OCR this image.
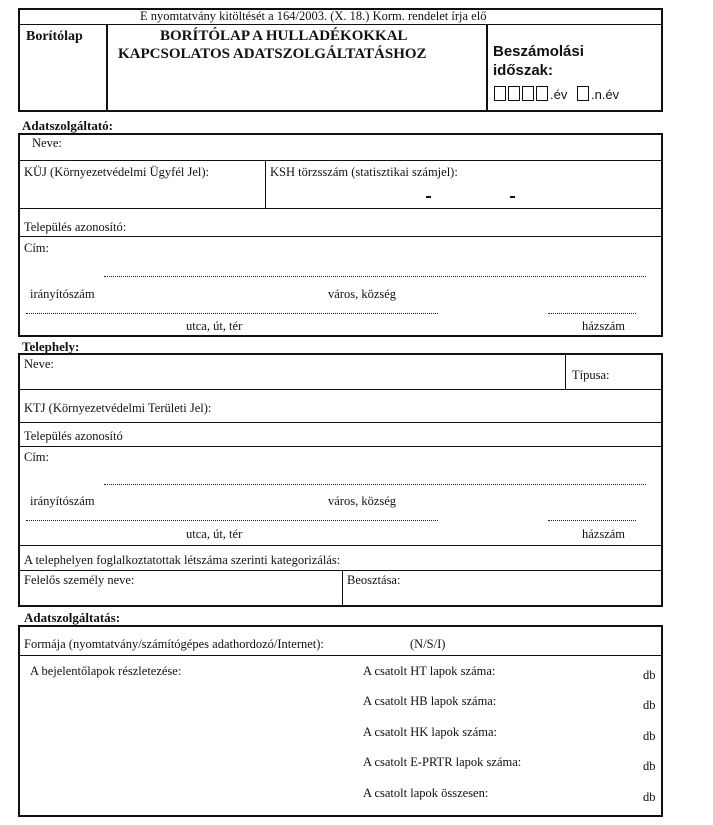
E nyomtatvány kitöltését a 164/2003. (X. 18.) Korm. rendelet írja elő
Borítólap	BORÍTÓLAP A HULLADÉKOKKAL
KAPCSOLATOS ADATSZOLGÁLTATÁSHOZ	Beszámolási
időszak:
.év .n.év
Adatszolgáltató:
Neve:
KÜJ (Környezetvédelmi Ügyfél Jel):	KSH törzsszám (statisztikai számjel):
Település azonosító:
Cím:
irányítószám	város, község
utca, út, tér	házszám
Telephely:
Neve:
Típusa:
KTJ (Környezetvédelmi Területi Jel):
Település azonosító
Cím:
irányítószám	város, község
utca, út, tér	házszám
A telephelyen foglalkoztatottak létszáma szerinti kategorizálás:
Felelős személy neve:	Beosztása:
Adatszolgáltatás:
Formája (nyomtatvány/számítógépes adathordozó/Internet):	(N/S/I)
A bejelentőlapok részletezése:	A csatolt HT lapok száma:	db
A csatolt HB lapok száma:	db
A csatolt HK lapok száma:	db
A csatolt E-PRTR lapok száma:	db
A csatolt lapok összesen:	db
